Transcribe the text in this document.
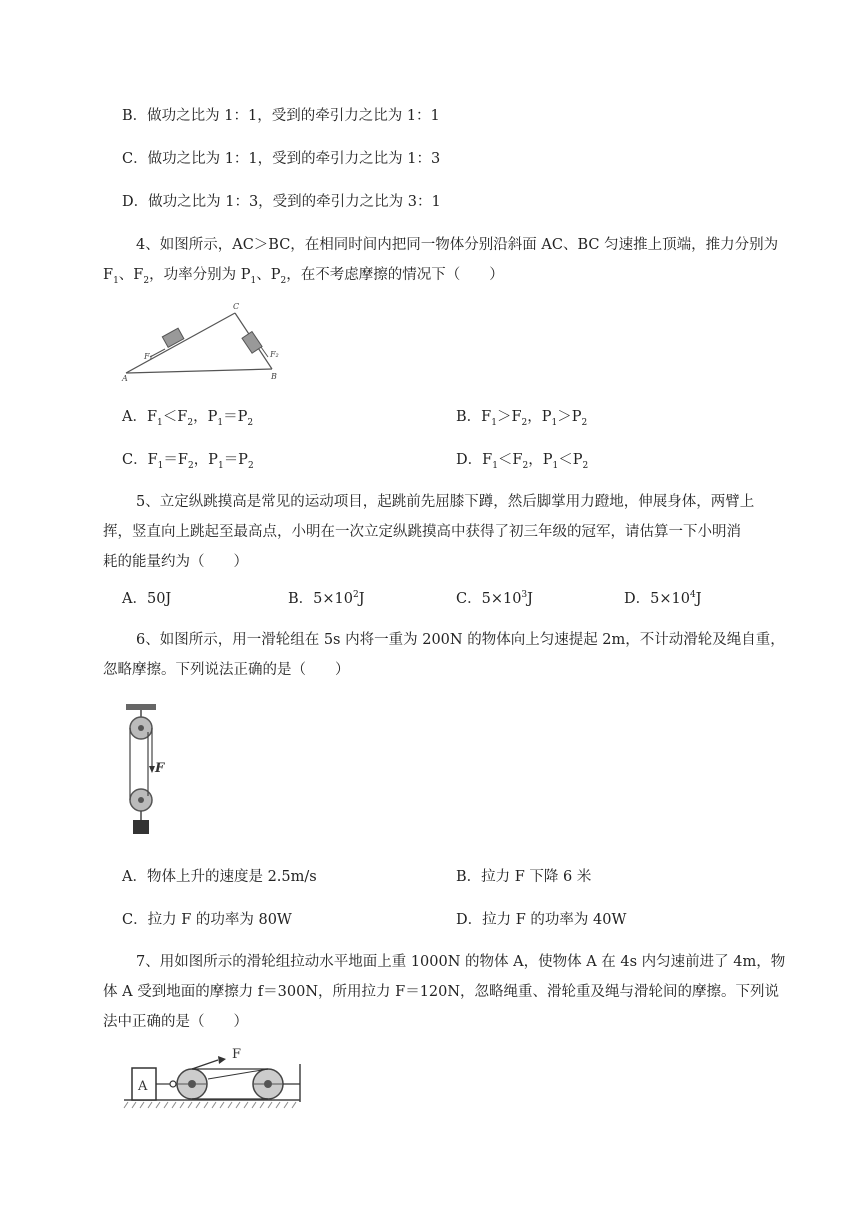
B．做功之比为 1：1，受到的牵引力之比为 1：1
C．做功之比为 1：1，受到的牵引力之比为 1：3
D．做功之比为 1：3，受到的牵引力之比为 3：1
4、如图所示，AC＞BC，在相同时间内把同一物体分别沿斜面 AC、BC 匀速推上顶端，推力分别为
$F_1$、$F_2$，功率分别为 $P_1$、$P_2$，在不考虑摩擦的情况下（　　）
A	B
C
F₁	F₂
A．$F_1<F_2$，$P_1=P_2$	B．$F_1>F_2$，$P_1>P_2$
C．$F_1=F_2$，$P_1=P_2$	D．$F_1<F_2$，$P_1<P_2$
5、立定纵跳摸高是常见的运动项目，起跳前先屈膝下蹲，然后脚掌用力蹬地，伸展身体，两臂上
挥，竖直向上跳起至最高点，小明在一次立定纵跳摸高中获得了初三年级的冠军，请估算一下小明消
耗的能量约为（　　）
A．50J	B．$5\times 10^2J$	C．$5\times 10^3J$	D．$5\times 10^4J$
6、如图所示，用一滑轮组在 5s 内将一重为 200N 的物体向上匀速提起 2m，不计动滑轮及绳自重，
忽略摩擦。下列说法正确的是（　　）
F
A．物体上升的速度是 2.5m/s	B．拉力 F 下降 6 米
C．拉力 F 的功率为 80W	D．拉力 F 的功率为 40W
7、用如图所示的滑轮组拉动水平地面上重 1000N 的物体 A，使物体 A 在 4s 内匀速前进了 4m，物
体 A 受到地面的摩擦力 f＝300N，所用拉力 F＝120N，忽略绳重、滑轮重及绳与滑轮间的摩擦。下列说
法中正确的是（　　）
A
F
